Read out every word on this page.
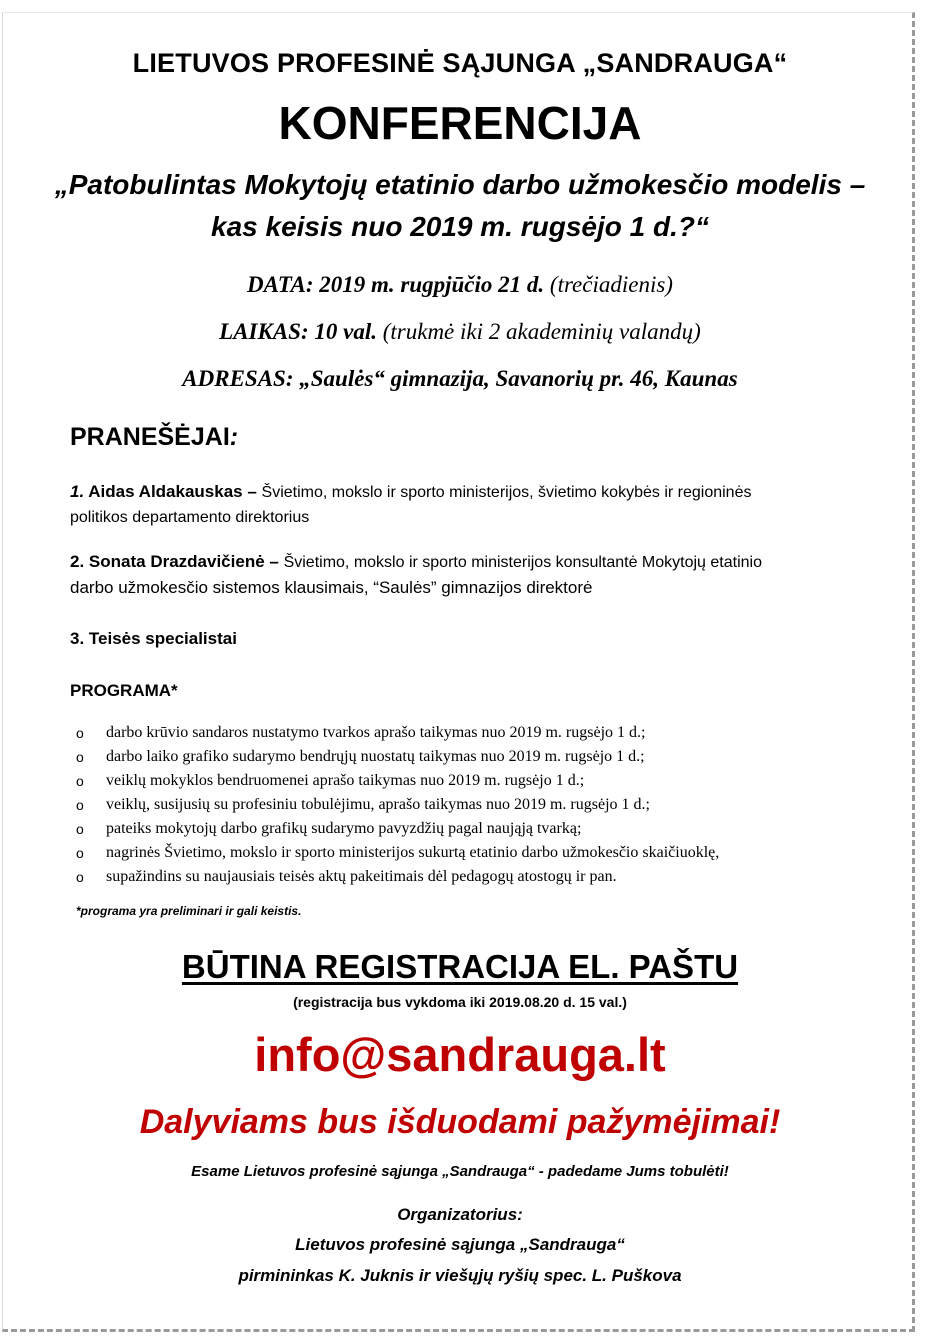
LIETUVOS PROFESINĖ SĄJUNGA „SANDRAUGA“
KONFERENCIJA
„Patobulintas Mokytojų etatinio darbo užmokesčio modelis –
kas keisis nuo 2019 m. rugsėjo 1 d.?“
DATA: 2019 m. rugpjūčio 21 d. (trečiadienis)
LAIKAS: 10 val. (trukmė iki 2 akademinių valandų)
ADRESAS: „Saulės“ gimnazija, Savanorių pr. 46, Kaunas
PRANEŠĖJAI:
1. Aidas Aldakauskas – Švietimo, mokslo ir sporto ministerijos, švietimo kokybės ir regioninės
politikos departamento direktorius
2. Sonata Drazdavičienė – Švietimo, mokslo ir sporto ministerijos konsultantė Mokytojų etatinio
darbo užmokesčio sistemos klausimais, “Saulės” gimnazijos direktorė
3. Teisės specialistai
PROGRAMA*
o darbo krūvio sandaros nustatymo tvarkos aprašo taikymas nuo 2019 m. rugsėjo 1 d.;
o darbo laiko grafiko sudarymo bendrųjų nuostatų taikymas nuo 2019 m. rugsėjo 1 d.;
o veiklų mokyklos bendruomenei aprašo taikymas nuo 2019 m. rugsėjo 1 d.;
o veiklų, susijusių su profesiniu tobulėjimu, aprašo taikymas nuo 2019 m. rugsėjo 1 d.;
o pateiks mokytojų darbo grafikų sudarymo pavyzdžių pagal naująją tvarką;
o nagrinės Švietimo, mokslo ir sporto ministerijos sukurtą etatinio darbo užmokesčio skaičiuoklę,
o supažindins su naujausiais teisės aktų pakeitimais dėl pedagogų atostogų ir pan.
*programa yra preliminari ir gali keistis.
BŪTINA REGISTRACIJA EL. PAŠTU
(registracija bus vykdoma iki 2019.08.20 d. 15 val.)
info@sandrauga.lt
Dalyviams bus išduodami pažymėjimai!
Esame Lietuvos profesinė sąjunga „Sandrauga“ - padedame Jums tobulėti!
Organizatorius:
Lietuvos profesinė sąjunga „Sandrauga“
pirmininkas K. Juknis ir viešųjų ryšių spec. L. Puškova
